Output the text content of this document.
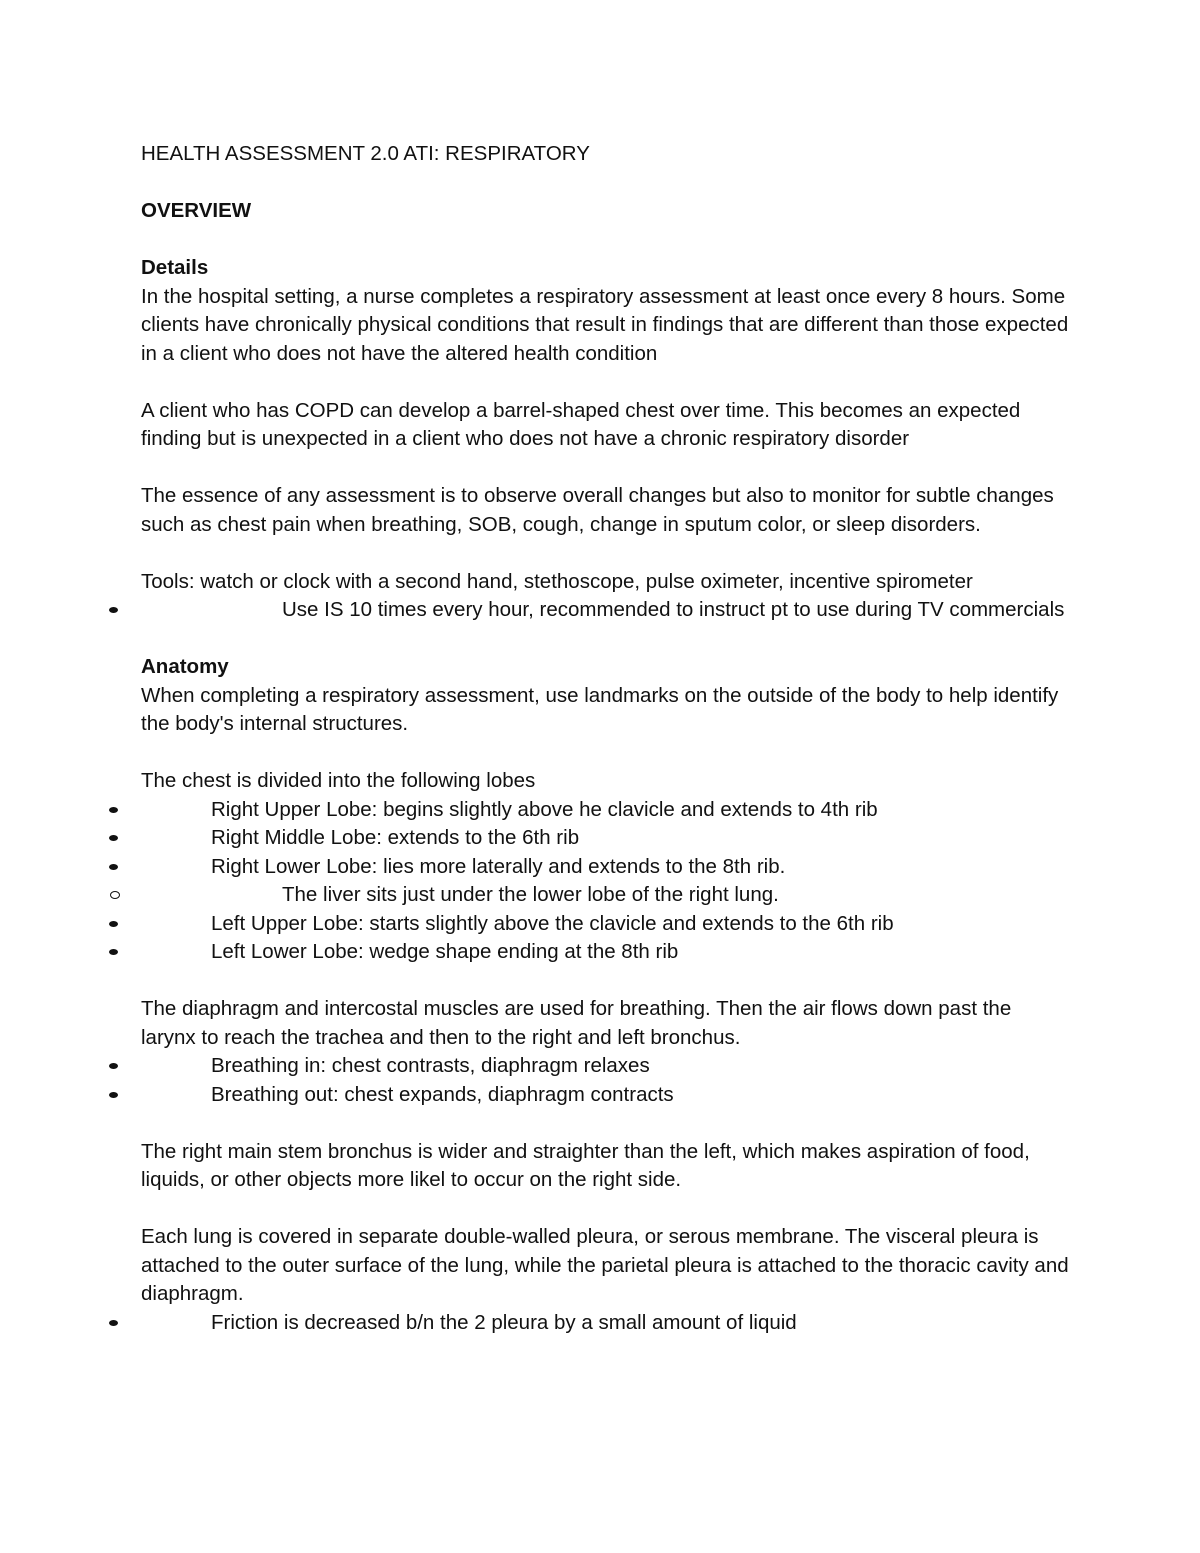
HEALTH ASSESSMENT 2.0 ATI: RESPIRATORY

OVERVIEW

Details

In the hospital setting, a nurse completes a respiratory assessment at least once every 8 hours. Some clients have chronically physical conditions that result in findings that are different than those expected in a client who does not have the altered health condition

A client who has COPD can develop a barrel-shaped chest over time. This becomes an expected finding but is unexpected in a client who does not have a chronic respiratory disorder

The essence of any assessment is to observe overall changes but also to monitor for subtle changes such as chest pain when breathing, SOB, cough, change in sputum color, or sleep disorders.

Tools: watch or clock with a second hand, stethoscope, pulse oximeter, incentive spirometer

Use IS 10 times every hour, recommended to instruct pt to use during TV commercials

Anatomy

When completing a respiratory assessment, use landmarks on the outside of the body to help identify the body's internal structures.

The chest is divided into the following lobes

Right Upper Lobe: begins slightly above he clavicle and extends to 4th rib
Right Middle Lobe: extends to the 6th rib
Right Lower Lobe: lies more laterally and extends to the 8th rib.
The liver sits just under the lower lobe of the right lung.
Left Upper Lobe: starts slightly above the clavicle and extends to the 6th rib
Left Lower Lobe: wedge shape ending at the 8th rib

The diaphragm and intercostal muscles are used for breathing. Then the air flows down past the larynx to reach the trachea and then to the right and left bronchus.

Breathing in: chest contrasts, diaphragm relaxes
Breathing out: chest expands, diaphragm contracts

The right main stem bronchus is wider and straighter than the left, which makes aspiration of food, liquids, or other objects more likel to occur on the right side.

Each lung is covered in separate double-walled pleura, or serous membrane. The visceral pleura is attached to the outer surface of the lung, while the parietal pleura is attached to the thoracic cavity and diaphragm.

Friction is decreased b/n the 2 pleura by a small amount of liquid
